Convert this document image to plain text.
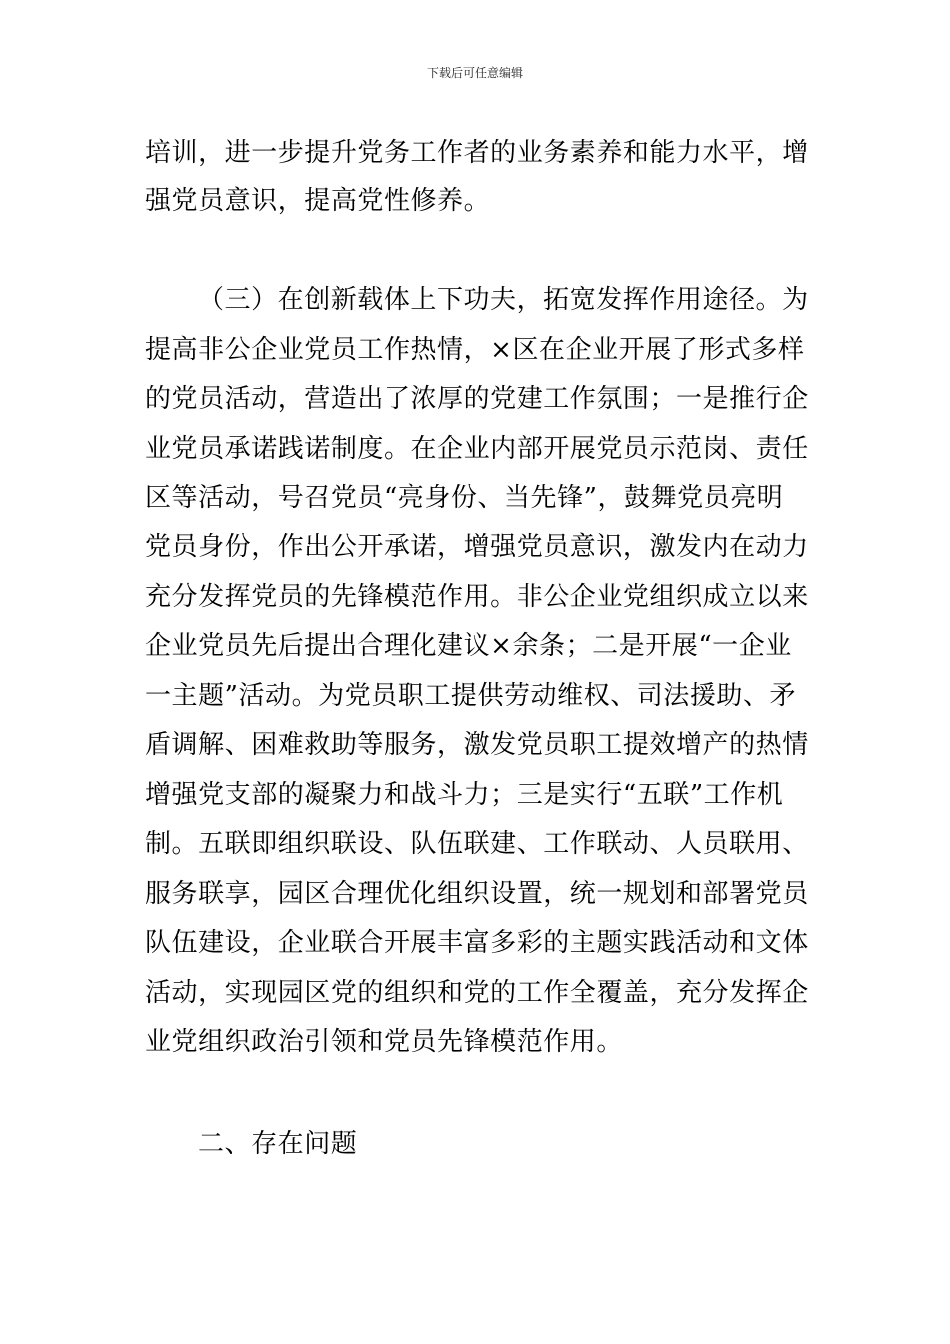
下载后可任意编辑
培训，进一步提升党务工作者的业务素养和能力水平，增
强党员意识，提高党性修养。
（三）在创新载体上下功夫，拓宽发挥作用途径。为
提高非公企业党员工作热情，×区在企业开展了形式多样
的党员活动，营造出了浓厚的党建工作氛围；一是推行企
业党员承诺践诺制度。在企业内部开展党员示范岗、责任
区等活动，号召党员“亮身份、当先锋”，鼓舞党员亮明
党员身份，作出公开承诺，增强党员意识，激发内在动力
充分发挥党员的先锋模范作用。非公企业党组织成立以来
企业党员先后提出合理化建议×余条；二是开展“一企业
一主题”活动。为党员职工提供劳动维权、司法援助、矛
盾调解、困难救助等服务，激发党员职工提效增产的热情
增强党支部的凝聚力和战斗力；三是实行“五联”工作机
制。五联即组织联设、队伍联建、工作联动、人员联用、
服务联享，园区合理优化组织设置，统一规划和部署党员
队伍建设，企业联合开展丰富多彩的主题实践活动和文体
活动，实现园区党的组织和党的工作全覆盖，充分发挥企
业党组织政治引领和党员先锋模范作用。
二、存在问题
